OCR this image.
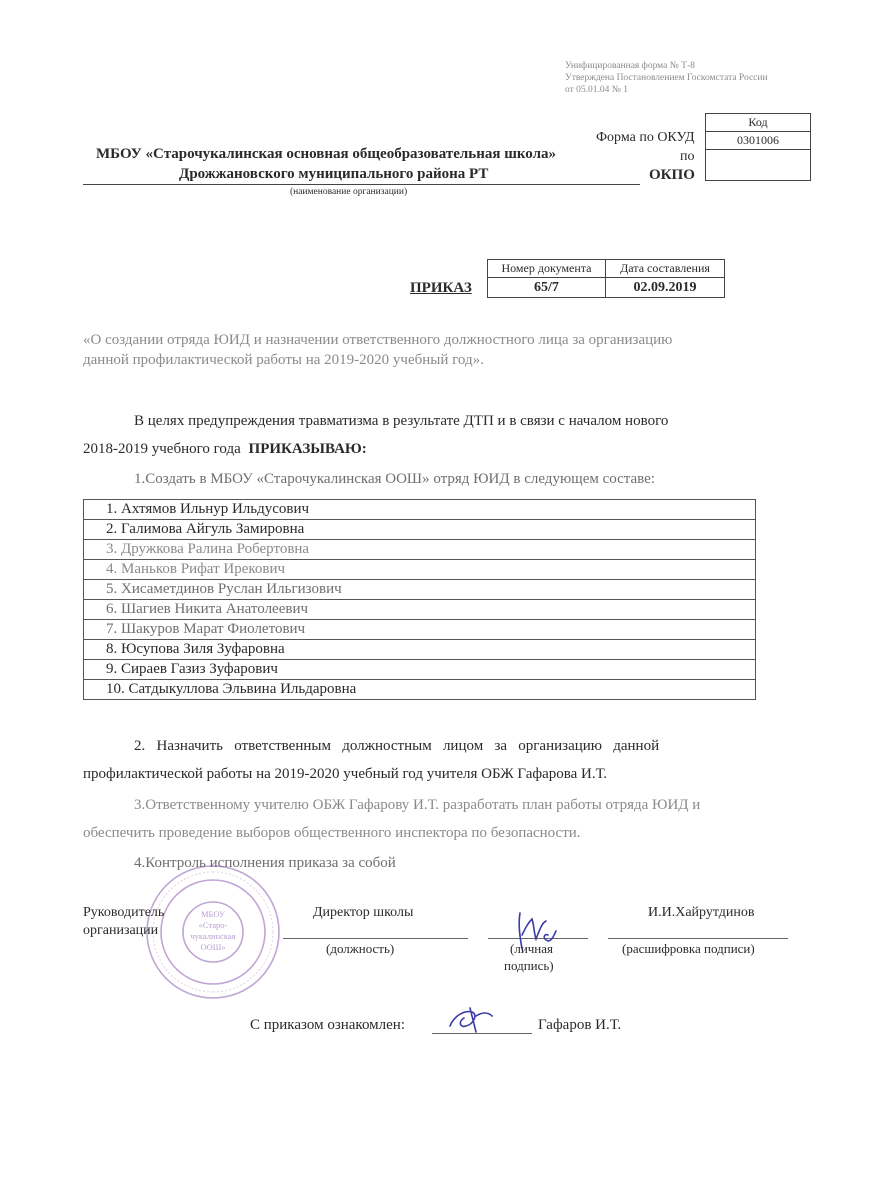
Унифицированная форма № Т-8
Утверждена Постановлением Госкомстата России
от 05.01.04 № 1
Код
0301006
Форма по ОКУД
по
ОКПО
МБОУ «Старочукалинская основная общеобразовательная школа»
Дрожжановского муниципального района РТ
(наименование организации)
ПРИКАЗ
Номер документа	Дата составления
65/7	02.09.2019
«О создании отряда ЮИД и назначении ответственного должностного лица за организацию
данной профилактической работы на 2019-2020 учебный год».
В целях предупреждения травматизма в результате ДТП и в связи с началом нового
2018-2019 учебного года ПРИКАЗЫВАЮ:
1.Создать в МБОУ «Старочукалинская ООШ» отряд ЮИД в следующем составе:
1. Ахтямов Ильнур Ильдусович
2. Галимова Айгуль Замировна
3. Дружкова Ралина Робертовна
4. Маньков Рифат Ирекович
5. Хисаметдинов Руслан Ильгизович
6. Шагиев Никита Анатолеевич
7. Шакуров Марат Фиолетович
8. Юсупова Зиля Зуфаровна
9. Сираев Газиз Зуфарович
10. Сатдыкуллова Эльвина Ильдаровна
2.   Назначить   ответственным   должностным   лицом   за   организацию   данной
профилактической работы на 2019-2020 учебный год учителя ОБЖ Гафарова И.Т.
3.Ответственному учителю ОБЖ Гафарову И.Т. разработать план работы отряда ЮИД и
обеспечить проведение выборов общественного инспектора по безопасности.
4.Контроль исполнения приказа за собой
МБОУ
«Старо-
чукалинская
ООШ»
Руководитель
организации
Директор школы	И.И.Хайрутдинов
(должность)	(личная
подпись)
(расшифровка подписи)
С приказом ознакомлен:	Гафаров И.Т.
